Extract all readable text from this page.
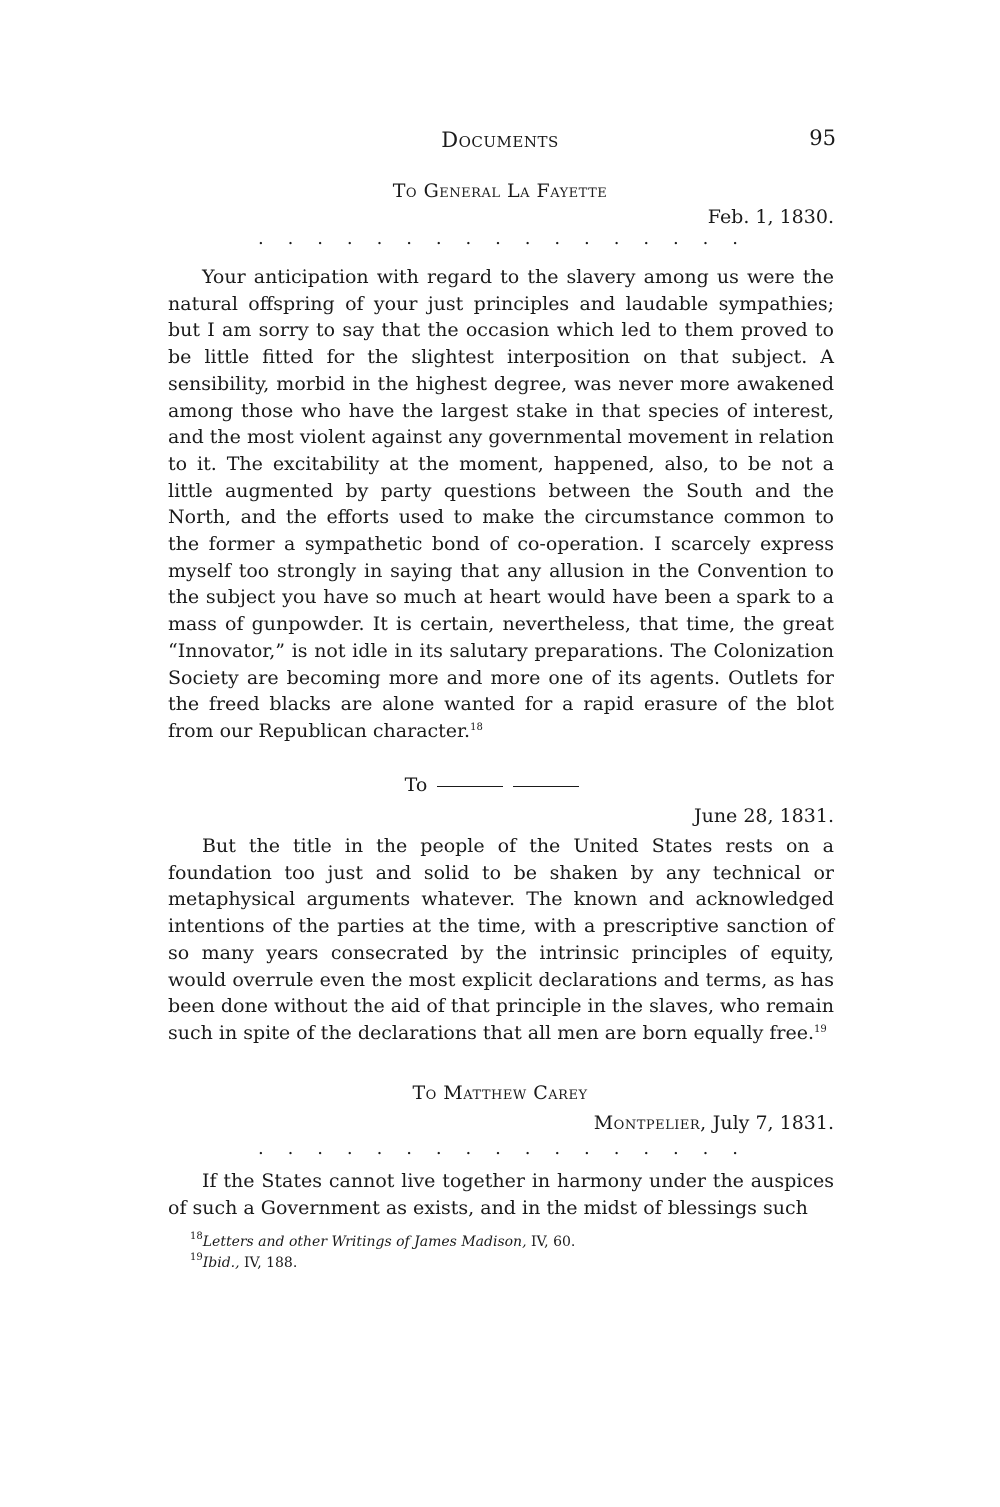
Documents	95
To General La Fayette
Feb. 1, 1830.
. . . . . . . . . . . . . . . . .

Your anticipation with regard to the slavery among us were the natural offspring of your just principles and laudable sympathies; but I am sorry to say that the occasion which led to them proved to be little fitted for the slightest interposition on that subject. A sensibility, morbid in the highest degree, was never more awakened among those who have the largest stake in that species of interest, and the most violent against any governmental movement in relation to it. The excitability at the moment, happened, also, to be not a little augmented by party questions between the South and the North, and the efforts used to make the circumstance common to the former a sympathetic bond of co-operation. I scarcely express myself too strongly in saying that any allusion in the Convention to the subject you have so much at heart would have been a spark to a mass of gunpowder. It is certain, nevertheless, that time, the great “Innovator,” is not idle in its salutary preparations. The Colonization Society are becoming more and more one of its agents. Outlets for the freed blacks are alone wanted for a rapid erasure of the blot from our Republican character.$^{18}$

To
June 28, 1831.

But the title in the people of the United States rests on a foundation too just and solid to be shaken by any technical or metaphysical arguments whatever. The known and acknowledged intentions of the parties at the time, with a prescriptive sanction of so many years consecrated by the intrinsic principles of equity, would overrule even the most explicit declarations and terms, as has been done without the aid of that principle in the slaves, who remain such in spite of the declarations that all men are born equally free.$^{19}$

To Matthew Carey
Montpelier, July 7, 1831.
. . . . . . . . . . . . . . . . .

If the States cannot live together in harmony under the auspices of such a Government as exists, and in the midst of blessings such

$^{18}$Letters and other Writings of James Madison, IV, 60.
$^{19}$Ibid., IV, 188.
